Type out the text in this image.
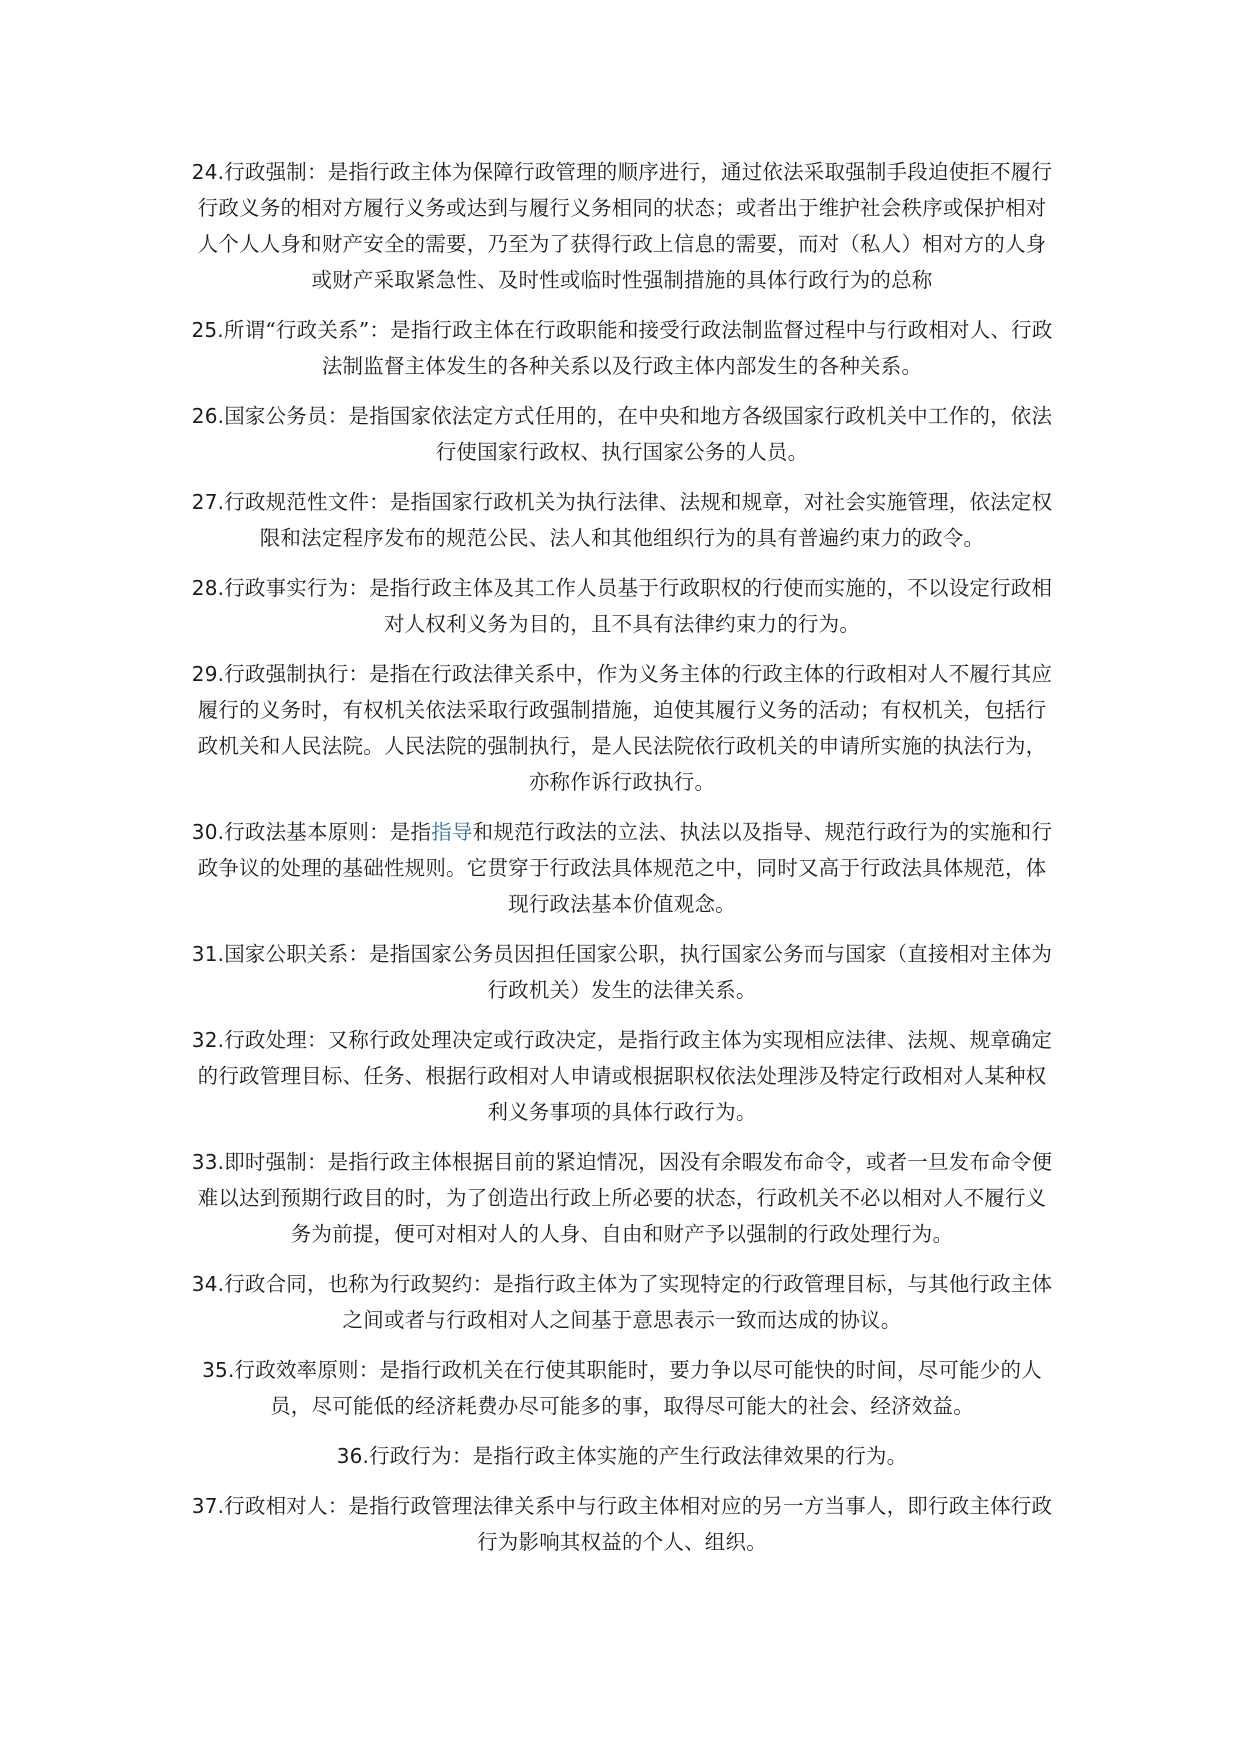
24.行政强制：是指行政主体为保障行政管理的顺序进行，通过依法采取强制手段迫使拒不履行行政义务的相对方履行义务或达到与履行义务相同的状态；或者出于维护社会秩序或保护相对人个人人身和财产安全的需要，乃至为了获得行政上信息的需要，而对（私人）相对方的人身或财产采取紧急性、及时性或临时性强制措施的具体行政行为的总称

25.所谓“行政关系”：是指行政主体在行政职能和接受行政法制监督过程中与行政相对人、行政法制监督主体发生的各种关系以及行政主体内部发生的各种关系。

26.国家公务员：是指国家依法定方式任用的，在中央和地方各级国家行政机关中工作的，依法行使国家行政权、执行国家公务的人员。

27.行政规范性文件：是指国家行政机关为执行法律、法规和规章，对社会实施管理，依法定权限和法定程序发布的规范公民、法人和其他组织行为的具有普遍约束力的政令。

28.行政事实行为：是指行政主体及其工作人员基于行政职权的行使而实施的，不以设定行政相对人权利义务为目的，且不具有法律约束力的行为。

29.行政强制执行：是指在行政法律关系中，作为义务主体的行政主体的行政相对人不履行其应履行的义务时，有权机关依法采取行政强制措施，迫使其履行义务的活动；有权机关，包括行政机关和人民法院。人民法院的强制执行，是人民法院依行政机关的申请所实施的执法行为，亦称作诉行政执行。

30.行政法基本原则：是指指导和规范行政法的立法、执法以及指导、规范行政行为的实施和行政争议的处理的基础性规则。它贯穿于行政法具体规范之中，同时又高于行政法具体规范，体现行政法基本价值观念。

31.国家公职关系：是指国家公务员因担任国家公职，执行国家公务而与国家（直接相对主体为行政机关）发生的法律关系。

32.行政处理：又称行政处理决定或行政决定，是指行政主体为实现相应法律、法规、规章确定的行政管理目标、任务、根据行政相对人申请或根据职权依法处理涉及特定行政相对人某种权利义务事项的具体行政行为。

33.即时强制：是指行政主体根据目前的紧迫情况，因没有余暇发布命令，或者一旦发布命令便难以达到预期行政目的时，为了创造出行政上所必要的状态，行政机关不必以相对人不履行义务为前提，便可对相对人的人身、自由和财产予以强制的行政处理行为。

34.行政合同，也称为行政契约：是指行政主体为了实现特定的行政管理目标，与其他行政主体之间或者与行政相对人之间基于意思表示一致而达成的协议。

35.行政效率原则：是指行政机关在行使其职能时，要力争以尽可能快的时间，尽可能少的人员，尽可能低的经济耗费办尽可能多的事，取得尽可能大的社会、经济效益。

36.行政行为：是指行政主体实施的产生行政法律效果的行为。

37.行政相对人：是指行政管理法律关系中与行政主体相对应的另一方当事人，即行政主体行政行为影响其权益的个人、组织。
